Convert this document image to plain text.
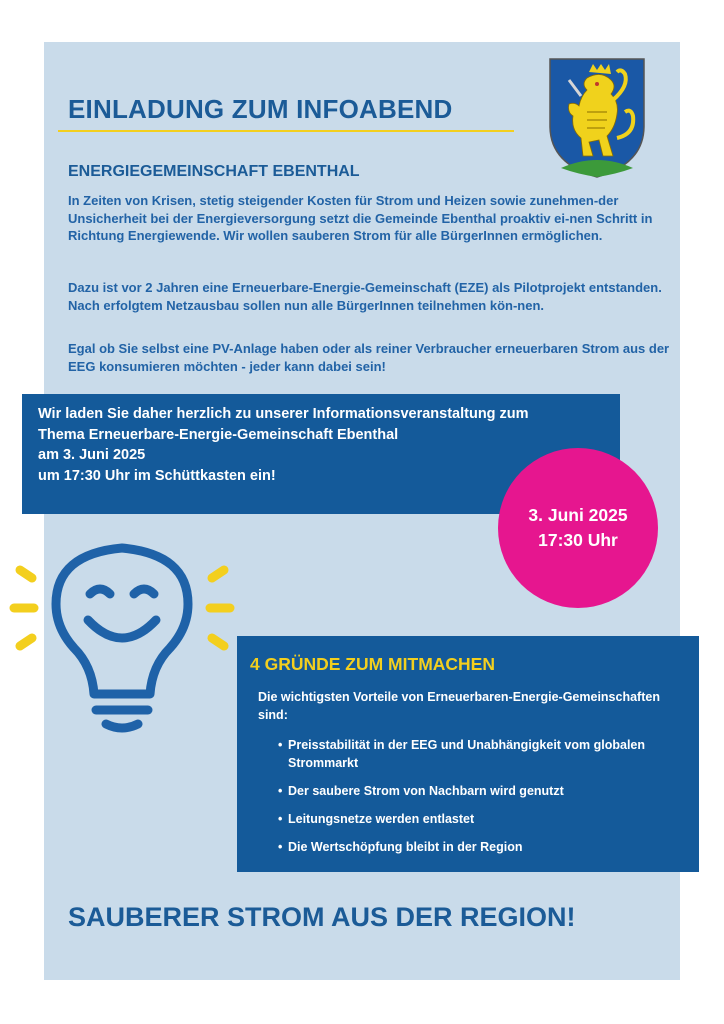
EINLADUNG ZUM INFOABEND
ENERGIEGEMEINSCHAFT EBENTHAL

In Zeiten von Krisen, stetig steigender Kosten für Strom und Heizen sowie zunehmen-der Unsicherheit bei der Energieversorgung setzt die Gemeinde Ebenthal proaktiv ei-nen Schritt in Richtung Energiewende. Wir wollen sauberen Strom für alle BürgerInnen ermöglichen.

Dazu ist vor 2 Jahren eine Erneuerbare-Energie-Gemeinschaft (EZE) als Pilotprojekt entstanden. Nach erfolgtem Netzausbau sollen nun alle BürgerInnen teilnehmen kön-nen.

Egal ob Sie selbst eine PV-Anlage haben oder als reiner Verbraucher erneuerbaren Strom aus der EEG konsumieren möchten - jeder kann dabei sein!

Wir laden Sie daher herzlich zu unserer Informationsveranstaltung zum
Thema Erneuerbare-Energie-Gemeinschaft Ebenthal
am 3. Juni 2025
um 17:30 Uhr im Schüttkasten ein!
3. Juni 2025
17:30 Uhr
4 GRÜNDE ZUM MITMACHEN

Die wichtigsten Vorteile von Erneuerbaren-Energie-Gemeinschaften sind:

• Preisstabilität in der EEG und Unabhängigkeit vom globalen Strommarkt
• Der saubere Strom von Nachbarn wird genutzt
• Leitungsnetze werden entlastet
• Die Wertschöpfung bleibt in der Region
SAUBERER STROM AUS DER REGION!
